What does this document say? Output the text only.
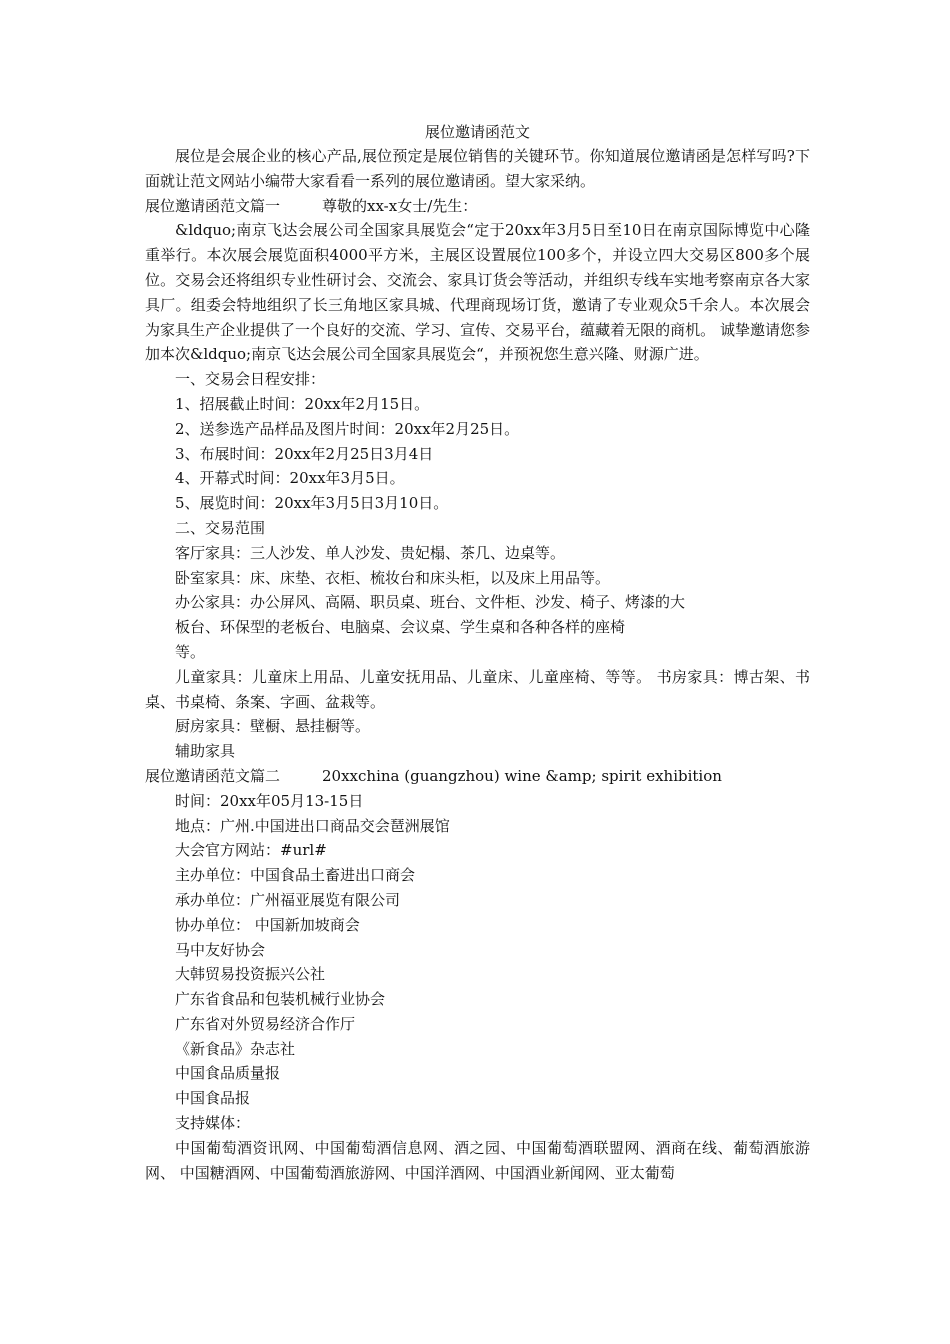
展位邀请函范文

展位是会展企业的核心产品,展位预定是展位销售的关键环节。你知道展位邀请函是怎样写吗?下面就让范文网站小编带大家看看一系列的展位邀请函。望大家采纳。

展位邀请函范文篇一	尊敬的xx-x女士/先生：

&ldquo;南京飞达会展公司全国家具展览会“定于20xx年3月5日至10日在南京国际博览中心隆重举行。本次展会展览面积4000平方米，主展区设置展位100多个，并设立四大交易区800多个展位。交易会还将组织专业性研讨会、交流会、家具订货会等活动，并组织专线车实地考察南京各大家具厂。组委会特地组织了长三角地区家具城、代理商现场订货，邀请了专业观众5千余人。本次展会为家具生产企业提供了一个良好的交流、学习、宣传、交易平台，蕴藏着无限的商机。 诚挚邀请您参加本次&ldquo;南京飞达会展公司全国家具展览会“，并预祝您生意兴隆、财源广进。

一、交易会日程安排：
1、招展截止时间：20xx年2月15日。
2、送参选产品样品及图片时间：20xx年2月25日。
3、布展时间：20xx年2月25日3月4日
4、开幕式时间：20xx年3月5日。
5、展览时间：20xx年3月5日3月10日。
二、交易范围
客厅家具：三人沙发、单人沙发、贵妃榻、茶几、边桌等。
卧室家具：床、床垫、衣柜、梳妆台和床头柜，以及床上用品等。
办公家具：办公屏风、高隔、职员桌、班台、文件柜、沙发、椅子、烤漆的大
板台、环保型的老板台、电脑桌、会议桌、学生桌和各种各样的座椅
等。

儿童家具：儿童床上用品、儿童安抚用品、儿童床、儿童座椅、等等。 书房家具：博古架、书桌、书桌椅、条案、字画、盆栽等。

厨房家具：壁橱、悬挂橱等。
辅助家具
展位邀请函范文篇二	20xxchina (guangzhou) wine &amp; spirit exhibition
时间：20xx年05月13-15日
地点：广州.中国进出口商品交会琶洲展馆
大会官方网站：#url#
主办单位：中国食品土畜进出口商会
承办单位：广州福亚展览有限公司
协办单位： 中国新加坡商会
马中友好协会
大韩贸易投资振兴公社
广东省食品和包装机械行业协会
广东省对外贸易经济合作厅
《新食品》杂志社
中国食品质量报
中国食品报
支持媒体：

中国葡萄酒资讯网、中国葡萄酒信息网、酒之园、中国葡萄酒联盟网、酒商在线、葡萄酒旅游网、 中国糖酒网、中国葡萄酒旅游网、中国洋酒网、中国酒业新闻网、亚太葡萄
